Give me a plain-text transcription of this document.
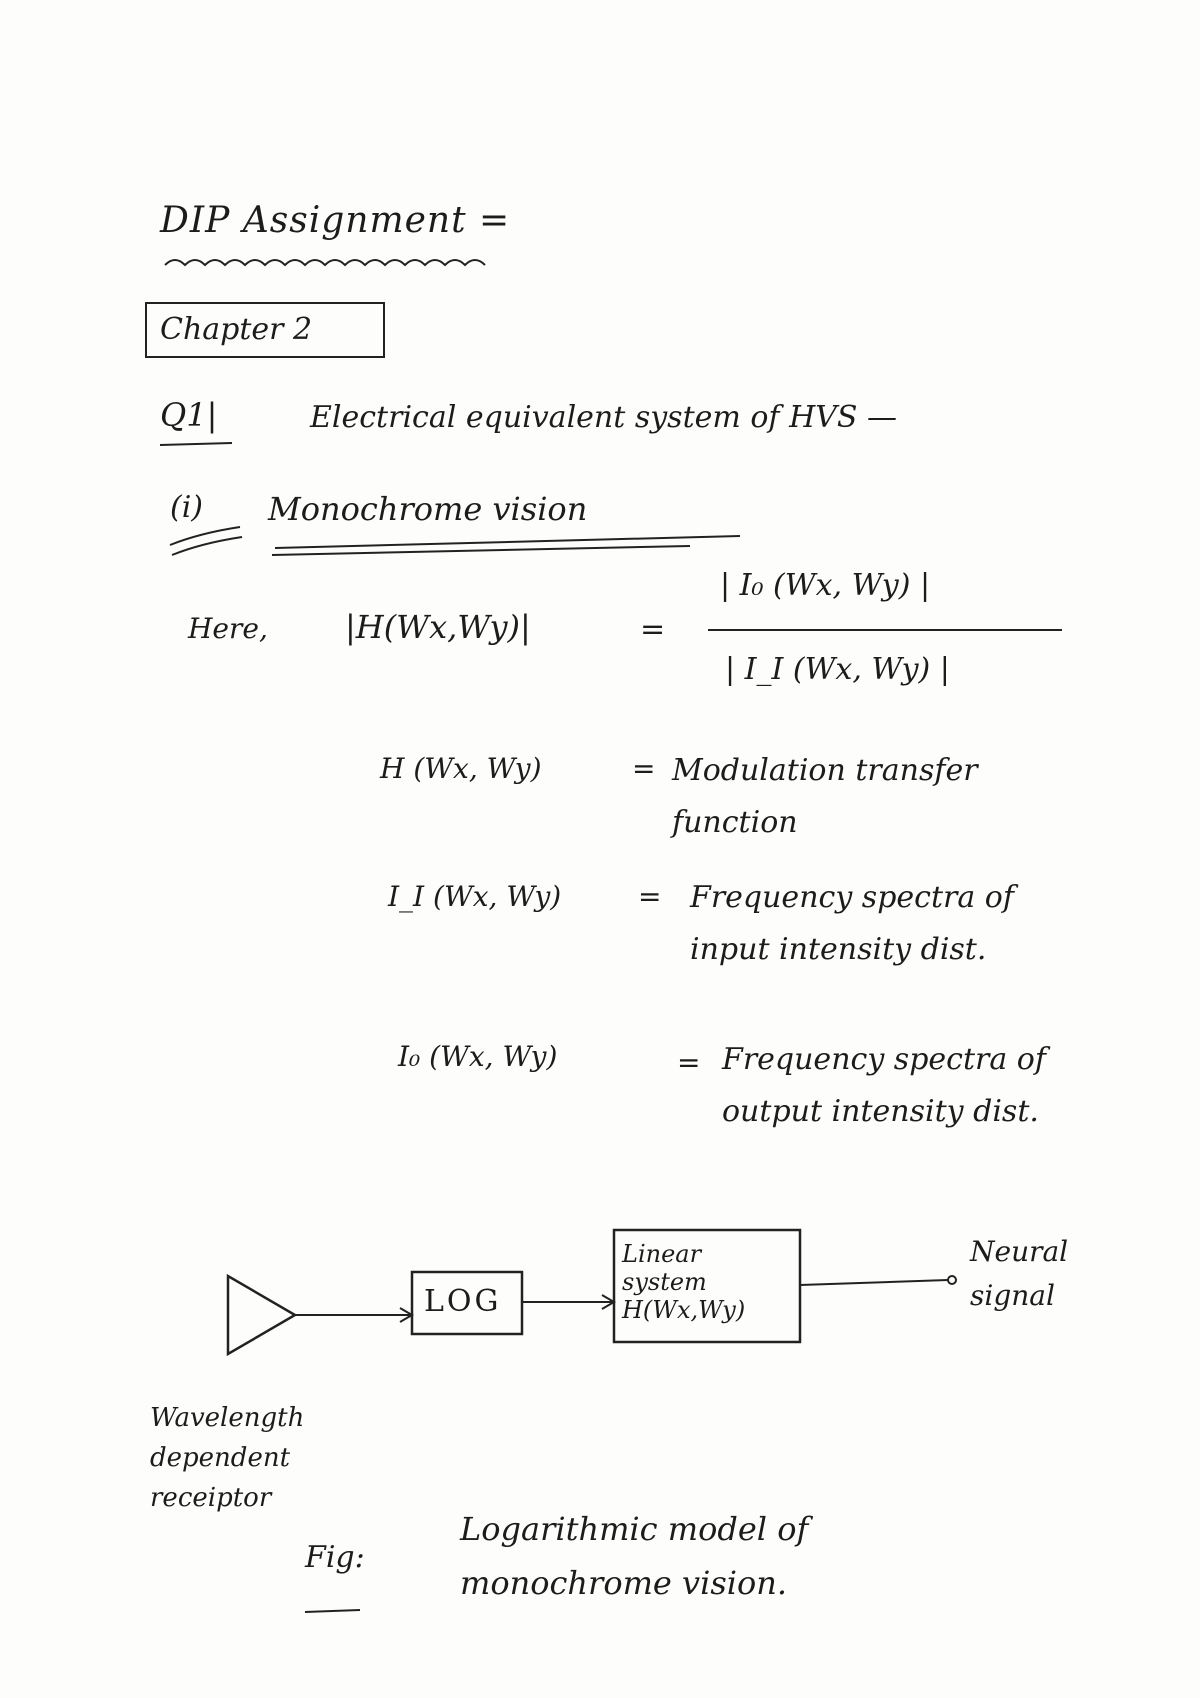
DIP Assignment =
Chapter 2
Q1|	Electrical equivalent system of HVS —
(i) Monochrome vision
Here, |H(Wx,Wy)|	=
| I₀ (Wx, Wy) |
| I_I (Wx, Wy) |
H (Wx, Wy)	= Modulation transfer function
I_I (Wx, Wy)	= Frequency spectra of input intensity dist.
I₀ (Wx, Wy)	= Frequency spectra of output intensity dist.
LOG
Linear system H(Wx,Wy)
Neural signal
Wavelength dependent receiptor
Fig:
Logarithmic model of monochrome vision.
